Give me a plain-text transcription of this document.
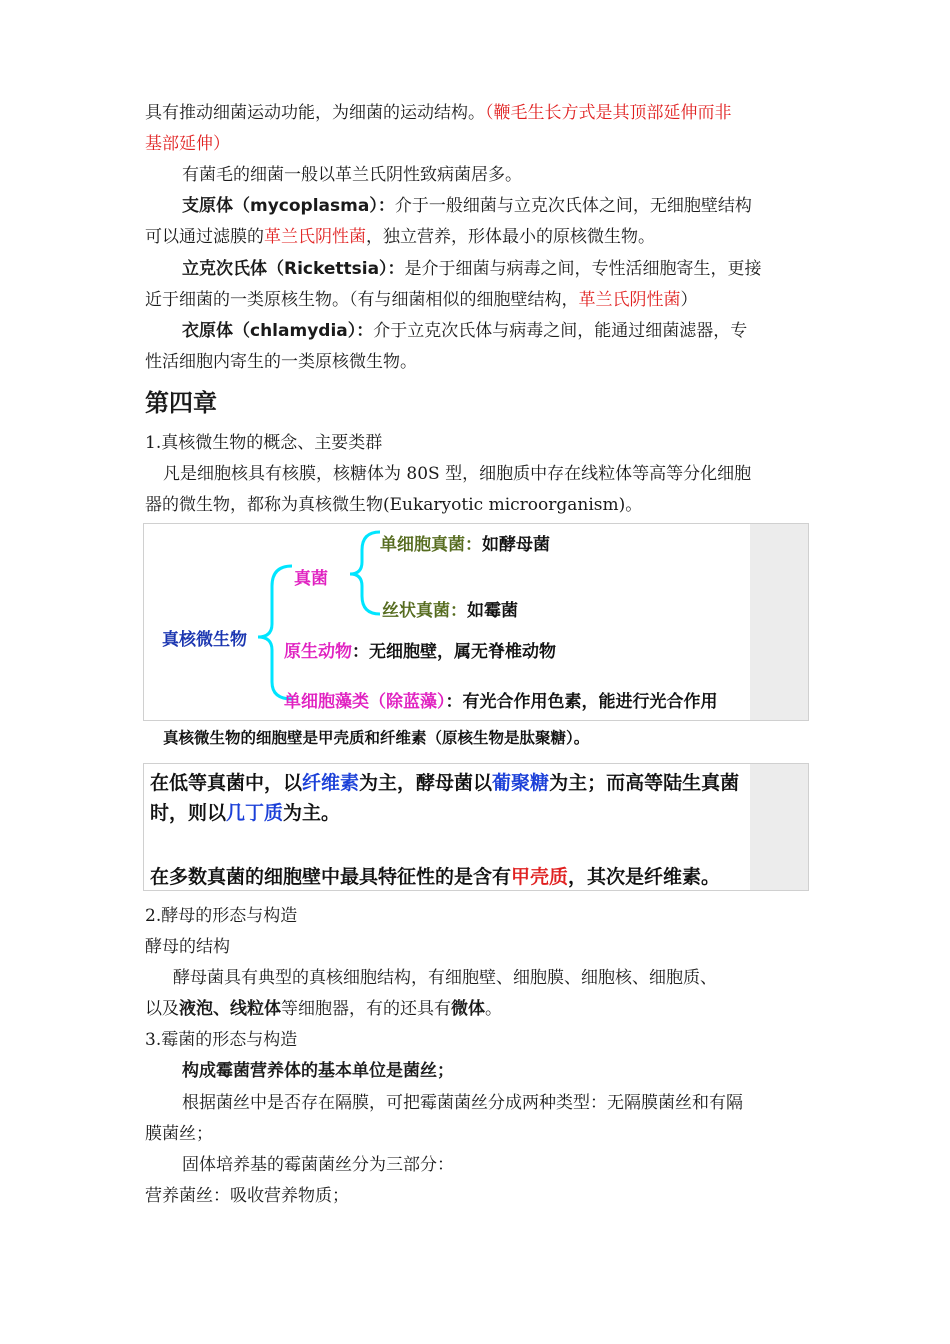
具有推动细菌运动功能，为细菌的运动结构。（鞭毛生长方式是其顶部延伸而非
基部延伸）
有菌毛的细菌一般以革兰氏阴性致病菌居多。
支原体（mycoplasma）：介于一般细菌与立克次氏体之间，无细胞壁结构
可以通过滤膜的革兰氏阴性菌，独立营养，形体最小的原核微生物。
立克次氏体（Rickettsia）：是介于细菌与病毒之间，专性活细胞寄生，更接
近于细菌的一类原核生物。（有与细菌相似的细胞壁结构，革兰氏阴性菌）
衣原体（chlamydia）：介于立克次氏体与病毒之间，能通过细菌滤器，专
性活细胞内寄生的一类原核微生物。
第四章
1.真核微生物的概念、主要类群
凡是细胞核具有核膜，核糖体为 80S 型，细胞质中存在线粒体等高等分化细胞
器的微生物，都称为真核微生物(Eukaryotic microorganism)。
真核微生物
真菌
单细胞真菌：如酵母菌
丝状真菌：如霉菌
原生动物：无细胞壁，属无脊椎动物
单细胞藻类（除蓝藻）：有光合作用色素，能进行光合作用
真核微生物的细胞壁是甲壳质和纤维素（原核生物是肽聚糖）。
在低等真菌中，以纤维素为主，酵母菌以葡聚糖为主；而高等陆生真菌
时，则以几丁质为主。
在多数真菌的细胞壁中最具特征性的是含有甲壳质，其次是纤维素。
2.酵母的形态与构造
酵母的结构
酵母菌具有典型的真核细胞结构，有细胞壁、细胞膜、细胞核、细胞质、
以及液泡、线粒体等细胞器，有的还具有微体。
3.霉菌的形态与构造
构成霉菌营养体的基本单位是菌丝；
根据菌丝中是否存在隔膜，可把霉菌菌丝分成两种类型：无隔膜菌丝和有隔
膜菌丝；
固体培养基的霉菌菌丝分为三部分：
营养菌丝：吸收营养物质；
